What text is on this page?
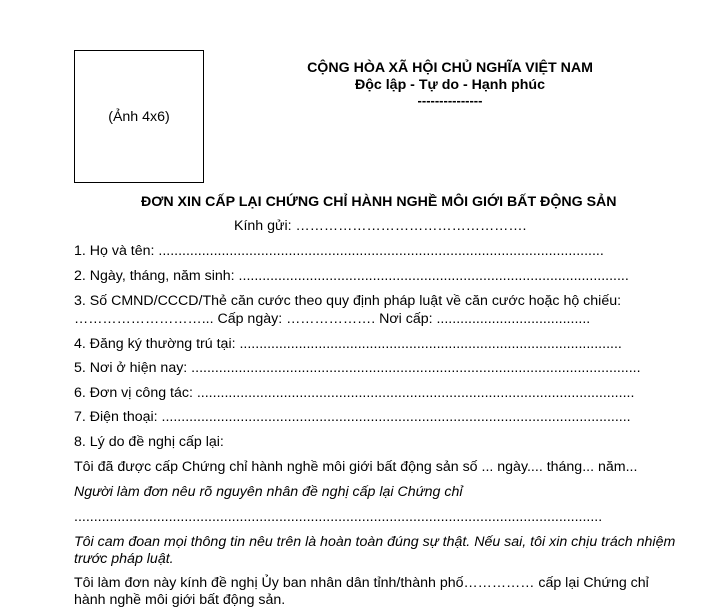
(Ảnh 4x6)
CỘNG HÒA XÃ HỘI CHỦ NGHĨA VIỆT NAM
Độc lập - Tự do - Hạnh phúc
---------------
ĐƠN XIN CẤP LẠI CHỨNG CHỈ HÀNH NGHỀ MÔI GIỚI BẤT ĐỘNG SẢN
Kính gửi: ………………………………………….
1. Họ và tên: .................................................................................................................
2. Ngày, tháng, năm sinh: ...................................................................................................
3. Số CMND/CCCD/Thẻ căn cước theo quy định pháp luật về căn cước hoặc hộ chiếu:
………………………... Cấp ngày: ………………. Nơi cấp: .......................................
4. Đăng ký thường trú tại: .................................................................................................
5. Nơi ở hiện nay: ..................................................................................................................
6. Đơn vị công tác: ...............................................................................................................
7. Điện thoại: .......................................................................................................................
8. Lý do đề nghị cấp lại:
Tôi đã được cấp Chứng chỉ hành nghề môi giới bất động sản số ... ngày.... tháng... năm...
Người làm đơn nêu rõ nguyên nhân đề nghị cấp lại Chứng chỉ
......................................................................................................................................
Tôi cam đoan mọi thông tin nêu trên là hoàn toàn đúng sự thật. Nếu sai, tôi xin chịu trách nhiệm
trước pháp luật.
Tôi làm đơn này kính đề nghị Ủy ban nhân dân tỉnh/thành phố…………… cấp lại Chứng chỉ
hành nghề môi giới bất động sản.
